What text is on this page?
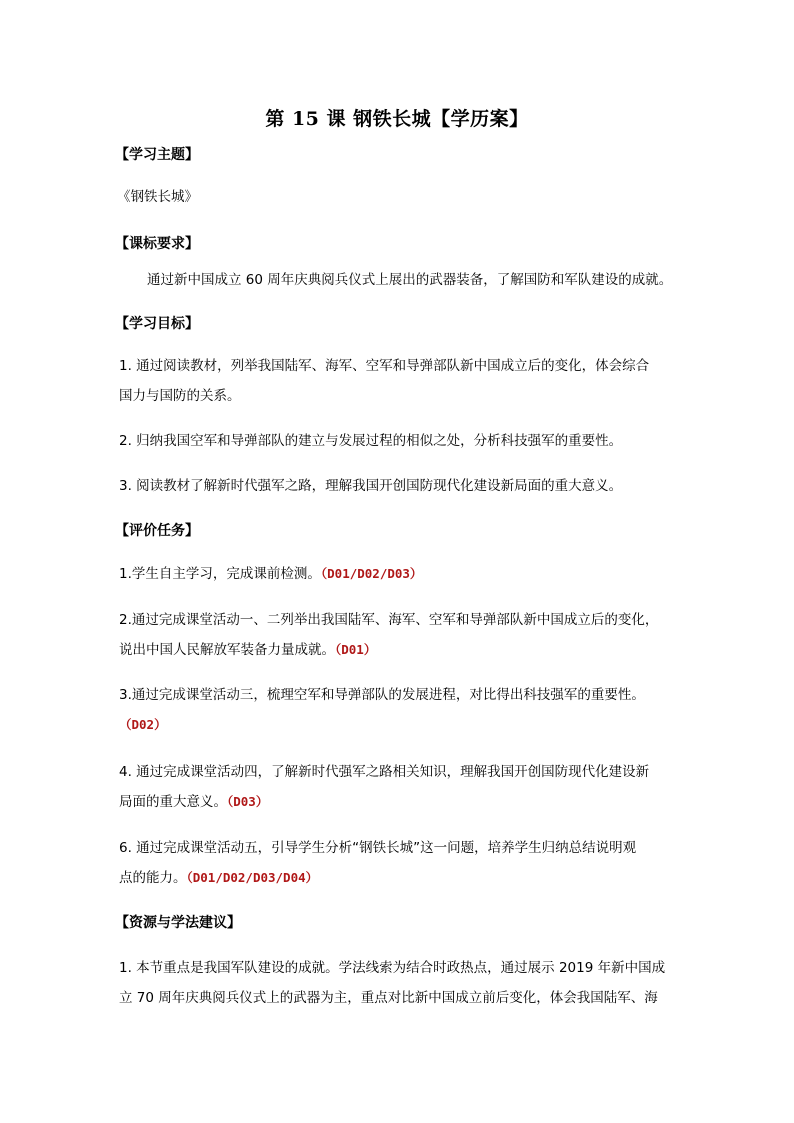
第 15 课 钢铁长城【学历案】
【学习主题】
《钢铁长城》
【课标要求】
通过新中国成立 60 周年庆典阅兵仪式上展出的武器装备，了解国防和军队建设的成就。
【学习目标】
1. 通过阅读教材，列举我国陆军、海军、空军和导弹部队新中国成立后的变化，体会综合
国力与国防的关系。
2. 归纳我国空军和导弹部队的建立与发展过程的相似之处，分析科技强军的重要性。
3. 阅读教材了解新时代强军之路，理解我国开创国防现代化建设新局面的重大意义。
【评价任务】
1.学生自主学习，完成课前检测。（D01/D02/D03）
2.通过完成课堂活动一、二列举出我国陆军、海军、空军和导弹部队新中国成立后的变化，
说出中国人民解放军装备力量成就。（D01）
3.通过完成课堂活动三，梳理空军和导弹部队的发展进程，对比得出科技强军的重要性。
（D02）
4. 通过完成课堂活动四，了解新时代强军之路相关知识，理解我国开创国防现代化建设新
局面的重大意义。（D03）
6. 通过完成课堂活动五，引导学生分析“钢铁长城”这一问题，培养学生归纳总结说明观
点的能力。（D01/D02/D03/D04）
【资源与学法建议】
1. 本节重点是我国军队建设的成就。学法线索为结合时政热点，通过展示 2019 年新中国成
立 70 周年庆典阅兵仪式上的武器为主，重点对比新中国成立前后变化，体会我国陆军、海
